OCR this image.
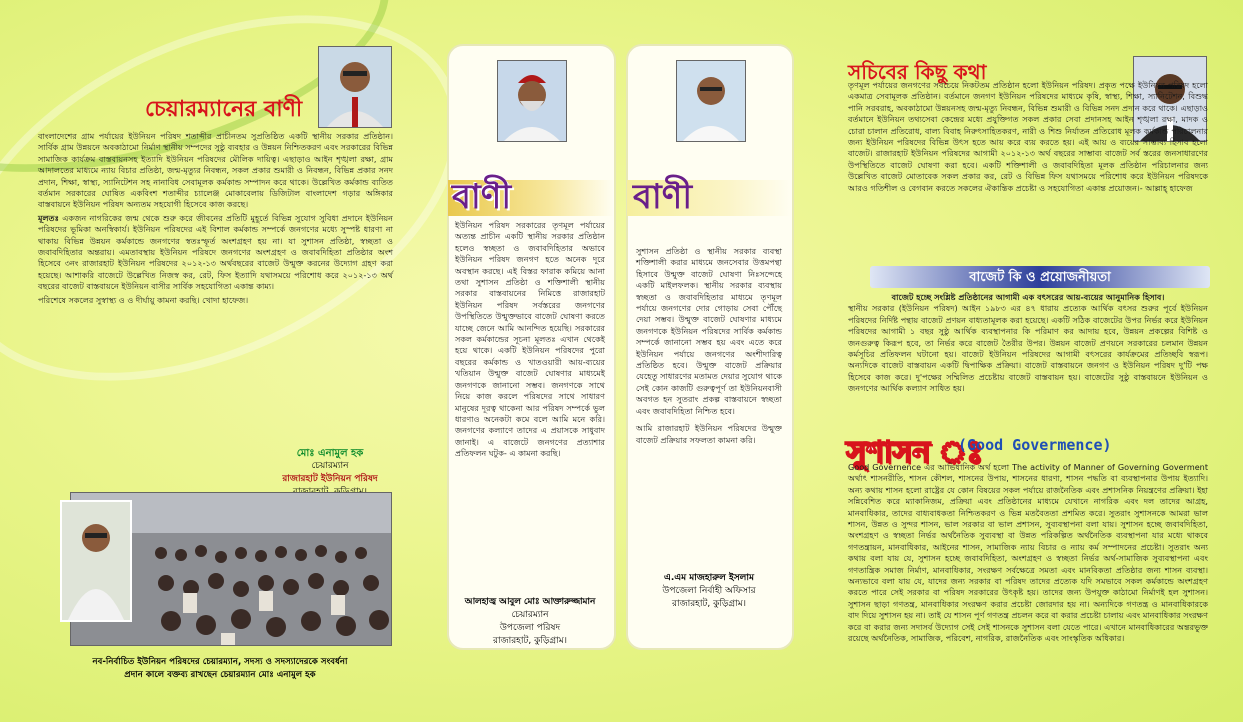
চেয়ারম্যানের বাণী

বাংলাদেশের গ্রাম পর্যায়ের ইউনিয়ন পরিষদ শতাব্দীর প্রাচীনতম সুপ্রতিষ্ঠিত একটি স্থানীয় সরকার প্রতিষ্ঠান। সার্বিক গ্রাম উন্নয়নে অবকাঠামো নির্মাণ স্থানীয় সম্পদের সুষ্ঠু ব্যবহার ও উন্নয়ন নিশ্চিতকরণ এবং সরকারের বিভিন্ন সামাজিক কার্যক্রম বাস্তবায়নসহ ইত্যাদি ইউনিয়ন পরিষদের মৌলিক দায়িত্ব। এছাড়াও আইন শৃঙ্খলা রক্ষা, গ্রাম আদালতের মাধ্যমে ন্যায় বিচার প্রতিষ্ঠা, জন্ম-মৃত্যুর নিবন্ধন, সকল প্রকার শুমারী ও নিবন্ধন, বিভিন্ন প্রকার সনদ প্রদান, শিক্ষা, স্বাস্থ্য, স্যানিটেশন সহ নানাবিধ সেবামূলক কর্মকান্ড সম্পাদন করে থাকে। উল্লেখিত কর্মকান্ড ব্যতিত বর্তমান সরকারের ঘোষিত একবিংশ শতাব্দীর চ্যালেঞ্জ মোকাবেলায় ডিজিটাল বাংলাদেশ গড়ার অঙ্গিকার বাস্তবায়নে ইউনিয়ন পরিষদ অন্যতম সহযোগী হিসেবে কাজ করছে।

মূলতঃ একজন নাগরিকের জন্ম থেকে শুরু করে জীবনের প্রতিটি মুহূর্তে বিভিন্ন সুযোগ সুবিধা প্রদানে ইউনিয়ন পরিষদের ভূমিকা অনস্বিকার্য। ইউনিয়ন পরিষদের এই বিশাল কর্মকান্ড সম্পর্কে জনগণের মধ্যে সুস্পষ্ট ধারণা না থাকায় বিভিন্ন উন্নয়ন কর্মকান্ডে জনগণের স্বতঃস্ফূর্ত অংশগ্রহণ হয় না। যা সুশাসন প্রতিষ্ঠা, স্বচ্ছতা ও জবাবদিহিতার অন্তরায়। এমতাবস্থায় ইউনিয়ন পরিষদে জনগণের অংশগ্রহণ ও জবাবদিহিতা প্রতিষ্ঠার অংশ হিসেবে ৩নং রাজারহাট ইউনিয়ন পরিষদের ২০১২-১৩ অর্থবছরের বাজেট উন্মুক্ত করনের উদ্যোগ গ্রহণ করা হয়েছে। আশাকরি বাজেটে উল্লেখিত নিজস্ব কর, রেট, ফিস ইত্যাদি যথাসময়ে পরিশোধ করে ২০১২-১৩ অর্থ বছরের বাজেট বাস্তবায়নে ইউনিয়ন বাসীর সার্বিক সহযোগিতা একান্ত কাম্য।

পরিশেষে সকলের সুস্বাস্থ্য ও ও দীর্ঘায়ু কামনা করছি। খোদা হাফেজ।

মোঃ এনামুল হক
চেয়ারম্যান
রাজারহাট ইউনিয়ন পরিষদ
নব-নির্বাচিত ইউনিয়ন পরিষদের চেয়ারম্যান, সদস্য ও সদস্যাদেরকে সংবর্ধনা
প্রদান কালে বক্তব্য রাখছেন চেয়ারম্যান মোঃ এনামুল হক
বাণী

ইউনিয়ন পরিষদ সরকারের তৃণমূল পর্যায়ের অত্যন্ত প্রাচীন একটি স্থানীয় সরকার প্রতিষ্ঠান হলেও স্বচ্ছতা ও জবাবদিহিতার অভাবে ইউনিয়ন পরিষদ জনগণ হতে অনেক দূরে অবস্থান করছে। এই বিস্তর ফারাক কমিয়ে আনা তথা সুশাসন প্রতিষ্ঠা ও শক্তিশালী স্থানীয় সরকার বাস্তবায়নের নিমিত্তে রাজারহাট ইউনিয়ন পরিষদ সর্বস্তরের জনগণের উপস্থিতিতে উন্মুক্তভাবে বাজেট ঘোষণা করতে যাচ্ছে জেনে আমি আনন্দিত হয়েছি। সরকারের সকল কর্মকান্ডের সূচনা মূলতঃ এখান থেকেই হয়ে থাকে। একটি ইউনিয়ন পরিষদের পুরো বছরের কর্মকান্ড ও খাতওয়ারী আয়-ব্যয়ের খতিয়ান উন্মুক্ত বাজেট ঘোষণার মাধ্যমেই জনগণকে জানানো সম্ভব। জনগণকে সাথে নিয়ে কাজ করলে পরিষদের সাথে সাধারণ মানুষের দূরত্ব থাকেনা আর পরিষদ সম্পর্কে ভুল ধারণাও অনেকটা কমে বলে আমি মনে করি। জনগণের কল্যাণে তাদের এ প্রয়াসকে সাধুবাদ জানাই। এ বাজেটে জনগণের প্রত্যাশার প্রতিফলন ঘটুক- এ কামনা করছি।

আলহাজ্ব আবুল মোঃ আক্তারুজ্জামান
চেয়ারম্যান
উপজেলা পরিষদ
রাজারহাট, কুড়িগ্রাম।
বাণী

সুশাসন প্রতিষ্ঠা ও স্থানীয় সরকার ব্যবস্থা শক্তিশালী করার মাধ্যমে জনসেবার উত্তমপন্থা হিসাবে উন্মুক্ত বাজেট ঘোষণা নিঃসন্দেহে একটি মাইলফলক। স্থানীয় সরকার ব্যবস্থায় স্বচ্ছতা ও জবাবদিহিতার মাধ্যমে তৃণমূল পর্যায়ে জনগণের দোর গোড়ায় সেবা পৌঁছে দেয়া সম্ভব। উন্মুক্ত বাজেট ঘোষণার মাধ্যমে জনগণকে ইউনিয়ন পরিষদের সার্বিক কর্মকান্ড সম্পর্কে জানানো সম্ভব হয় এবং এতে করে ইউনিয়ন পর্যায়ে জনগণের অংশীদারিত্ব প্রতিষ্ঠিত হবে। উন্মুক্ত বাজেট প্রক্রিয়ার যেহেতু সাধারণের মতামত দেয়ার সুযোগ থাকে সেই কোন কাজটি গুরুত্বপূর্ণ তা ইউনিয়নবাসী অবগত হন সুতরাং প্রকল্প বাস্তবায়নে স্বচ্ছতা এবং জবাবদিহিতা নিশ্চিত হবে।

আমি রাজারহাট ইউনিয়ন পরিষদের উন্মুক্ত বাজেট প্রক্রিয়ার সফলতা কামনা করি।

এ.এম মাজহারুল ইসলাম
উপজেলা নির্বাহী অফিসার
রাজারহাট, কুড়িগ্রাম।
সচিবের কিছু কথা

তৃণমূল পর্যায়ের জনগণের সবচেয়ে নিকটতম প্রতিষ্ঠান হলো ইউনিয়ন পরিষদ। প্রকৃত পক্ষে ইউনিয়ন পরিষদ হলো একমাত্র সেবামূলক প্রতিষ্ঠান। বর্তমানে জনগণ ইউনিয়ন পরিষদের মাধ্যমে কৃষি, স্বাস্থ্য, শিক্ষা, স্যানিটেশন, বিশুদ্ধ পানি সরবরাহ, অবকাঠামো উন্নয়নসহ জন্ম-মৃত্যু নিবন্ধন, বিভিন্ন শুমারী ও বিভিন্ন সনদ প্রদান করে থাকে। এছাড়াও বর্তমানে ইউনিয়ন তথ্যসেবা কেন্দ্রের মধ্যে প্রযুক্তিগত সকল প্রকার সেবা প্রদানসহ আইন শৃঙ্খলা রক্ষা, মাদক ও চোরা চালান প্রতিরোধ, বাল্য বিবাহ নিরুৎসাহিতকরণ, নারী ও শিশু নির্যাতন প্রতিরোধ মূলক কর্মকান্ড পরিচালনার জন্য ইউনিয়ন পরিষদের বিভিন্ন উৎস হতে আয় করে ব্যয় করতে হয়। এই আয় ও ব্যয়ের সাম্ভাব্য হিসাব হলো বাজেট। রাজারহাট ইউনিয়ন পরিষদের আগামী ২০১২-১৩ অর্থ বছরের সাম্ভাব্য বাজেট সর্ব স্তরের জনসাধারণের উপস্থিতিতে বাজেট ঘোষণা করা হবে। একটি শক্তিশালী ও জবাবদিহিতা মূলক প্রতিষ্ঠান পরিচালনার জন্য উল্লেখিত বাজেট মোতাবেক সকল প্রকার কর, রেট ও বিভিন্ন ফিস যথাসময়ে পরিশোধ করে ইউনিয়ন পরিষদকে আরও গতিশীল ও বেগবান করতে সকলের ঐকান্তিক প্রচেষ্টা ও সহযোগিতা একান্ত প্রয়োজন।- আল্লাহ্ হাফেজ

বাজেট কি ও প্রয়োজনীয়তা

বাজেট হচ্ছে সংশ্লিষ্ট প্রতিষ্ঠানের আগামী এক বৎসরের আয়-ব্যয়ের আনুমানিক হিসাব।

স্থানীয় সরকার (ইউনিয়ন পরিষদ) আইন ১৯৮৩ এর ৪৭ ধারায় প্রত্যেক আর্থিক বৎসর শুরুর পূর্বে ইউনিয়ন পরিষদের নির্দিষ্ট পন্থায় বাজেট প্রণয়ন বাধ্যতামূলক করা হয়েছে। একটি সঠিক বাজেটের উপর নির্ভর করে ইউনিয়ন পরিষদের আগামী ১ বছর সুষ্ঠু আর্থিক ব্যবস্থাপনার কি পরিমাণ কর আদায় হবে, উন্নয়ন প্রকল্পের বিশিষ্ট ও জনগুরুত্ব কিরূপ হবে, তা নির্ভর করে বাজেট তৈরীর উপর। উন্নয়ন বাজেট প্রণয়নে সরকারের চলমান উন্নয়ন কর্মসূচির প্রতিফলন ঘটানো হয়। বাজেট ইউনিয়ন পরিষদের আগামী বৎসরের কার্যক্রমের প্রতিচ্ছবি স্বরূপ। অন্যদিকে বাজেট বাস্তবায়ন একটি দ্বিপাক্ষিক প্রক্রিয়া। বাজেট বাস্তবায়নে জনগণ ও ইউনিয়ন পরিষদ দু'টি পক্ষ হিসেবে কাজ করে। দু'পক্ষের সম্মিলিত প্রচেষ্টায় বাজেট বাস্তবায়ন হয়। বাজেটের সুষ্ঠু বাস্তবায়নে ইউনিয়ন ও জনগণের আর্থিক কল্যাণ সাধিত হয়।

সুশাসন ঃ
(Good Govermence)

Good Governence এর আভিধানিক অর্থ হলো The activity of Manner of Governing Goverment অর্থাৎ শাসনরীতি, শাসন কৌশল, শাসনের উপায়, শাসনের ধারণা, শাসন পদ্ধতি বা ব্যবস্থাপনার উপায় ইত্যাদি। অন্য কথায় শাসন হলো রাষ্ট্রের যে কোন বিষয়ের সকল পর্যায়ে রাজনৈতিক এবং প্রশাসনিক নিয়ন্ত্রণের প্রক্রিয়া। ইহা সন্নিবেশিত করে ম্যাকানিজম, প্রক্রিয়া এবং প্রতিষ্ঠানের মাধ্যমে যেখানে নাগরিক এবং দল তাদের আগ্রহ, মানবাধিকার, তাদের বাধ্যবাধকতা নিশ্চিতকরণ ও ভিন্ন মতবৈততা প্রশমিত করে। সুতরাং সুশাসনকে আমরা ভাল শাসন, উন্নত ও সুন্দর শাসন, ভাল সরকার বা ভাল প্রশাসন, সুব্যবস্থাপনা বলা যায়। সুশাসন হচ্ছে জবাবদিহিতা, অংশগ্রহণ ও স্বচ্ছতা নির্ভর অর্থনৈতিক সুব্যবস্থা বা উন্নত পরিকল্পিত অর্থনৈতিক ব্যবস্থাপনা যার মধ্যে থাকবে গণতন্ত্রায়ন, মানবাধিকার, আইনের শাসন, সামাজিক ন্যায় বিচার ও ন্যায় কর্ম সম্পাদনের প্রচেষ্টা। সুতরাং অন্য কথায় বলা যায় যে, সুশাসন হচ্ছে জবাবদিহিতা, অংশগ্রহণ ও স্বচ্ছতা নির্ভর অর্থ-সামাজিক সুব্যবস্থাপনা এবং গণতান্ত্রিক সমাজ নির্মাণ, মানবাধিকার, সংরক্ষণ সর্বক্ষেত্রে সমতা এবং মানবিকতা প্রতিষ্ঠার জন্য শাসন ব্যবস্থা। অন্যভাবে বলা যায় যে, যাদের জন্য সরকার বা পরিষদ তাদের প্রত্যেক যদি সমভাবে সকল কর্মকান্ডে অংশগ্রহণ করতে পারে সেই সরকার বা পরিষদ সরকারের উৎকৃষ্ট হয়। তাদের জন্য উপযুক্ত কাঠামো নির্মাণই হল সুশাসন। সুশাসন ছাড়া গণতন্ত্র, মানবাধিকার সংরক্ষণ করার প্রচেষ্টা জোরদার হয় না। অন্যদিকে গণতন্ত্র ও মানবাধিকারকে বাদ দিয়ে সুশাসন হয় না। তাই যে শাসন পূর্ণ গণতন্ত্র প্রচলন করে বা করার প্রচেষ্টা চালায় এবং মানবাধিকার সংরক্ষণ করে বা করার জন্য সদাসর্ব উদ্যোগ সেই সেই শাসনকে সুশাসন বলা যেতে পারে। এখানে মানবাধিকারের অন্তরভুক্ত রয়েছে অর্থনৈতিক, সামাজিক, পরিবেশ, নাগরিক, রাজনৈতিক এবং সাংস্কৃতিক অধিকার।
